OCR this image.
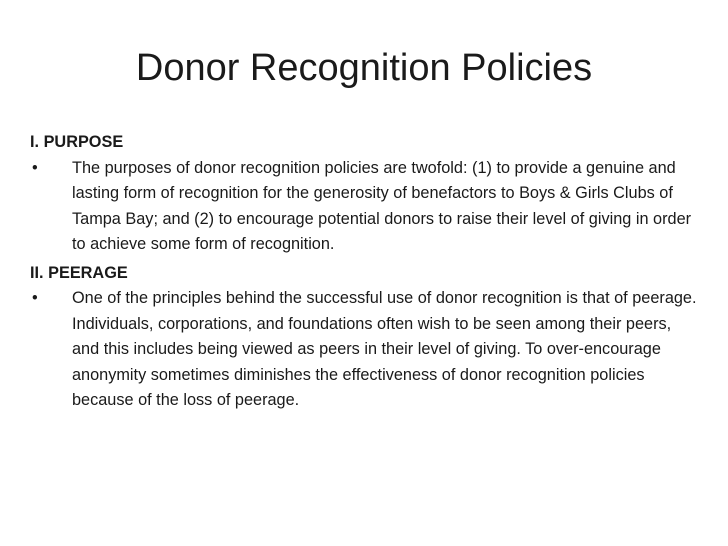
Donor Recognition Policies

I. PURPOSE

• The purposes of donor recognition policies are twofold: (1) to provide a genuine and lasting form of recognition for the generosity of benefactors to Boys & Girls Clubs of Tampa Bay; and (2) to encourage potential donors to raise their level of giving in order to achieve some form of recognition.

II. PEERAGE

• One of the principles behind the successful use of donor recognition is that of peerage. Individuals, corporations, and foundations often wish to be seen among their peers, and this includes being viewed as peers in their level of giving. To over-encourage anonymity sometimes diminishes the effectiveness of donor recognition policies because of the loss of peerage.
